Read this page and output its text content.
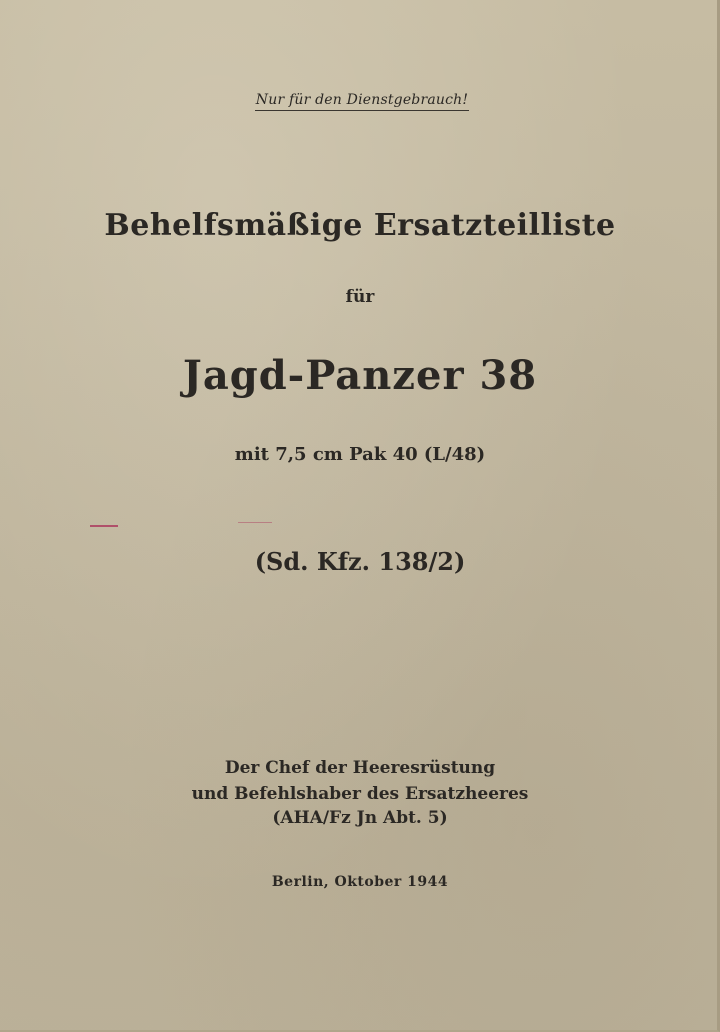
Nur für den Dienstgebrauch!
Behelfsmäßige Ersatzteilliste
für
Jagd-Panzer 38
mit 7,5 cm Pak 40 (L/48)
(Sd. Kfz. 138/2)
Der Chef der Heeresrüstung
und Befehlshaber des Ersatzheeres
(AHA/Fz Jn Abt. 5)
Berlin, Oktober 1944
